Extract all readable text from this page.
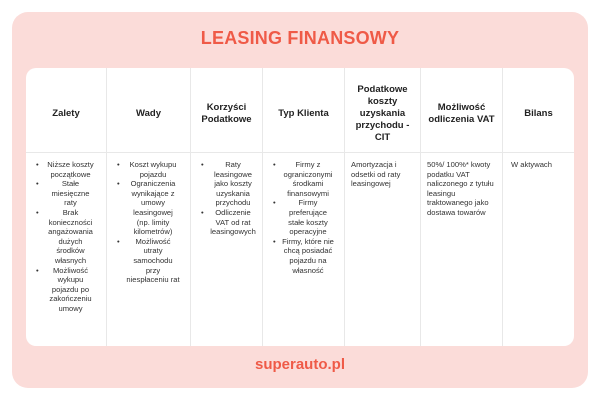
LEASING FINANSOWY
Zalety
• Niższe koszty początkowe
• Stałe miesięczne raty
• Brak konieczności angażowania dużych środków własnych
• Możliwość wykupu pojazdu po zakończeniu umowy
Wady
• Koszt wykupu pojazdu
• Ograniczenia wynikające z umowy leasingowej (np. limity kilometrów)
• Możliwość utraty samochodu przy niespłaceniu rat
Korzyści Podatkowe
• Raty leasingowe jako koszty uzyskania przychodu
• Odliczenie VAT od rat leasingowych
Typ Klienta
• Firmy z ograniczonymi środkami finansowymi
• Firmy preferujące stałe koszty operacyjne
• Firmy, które nie chcą posiadać pojazdu na własność
Podatkowe koszty uzyskania przychodu - CIT
Amortyzacja i odsetki od raty leasingowej
Możliwość odliczenia VAT
50%/ 100%* kwoty podatku VAT naliczonego z tytułu leasingu traktowanego jako dostawa towarów
Bilans
W aktywach
superauto.pl
